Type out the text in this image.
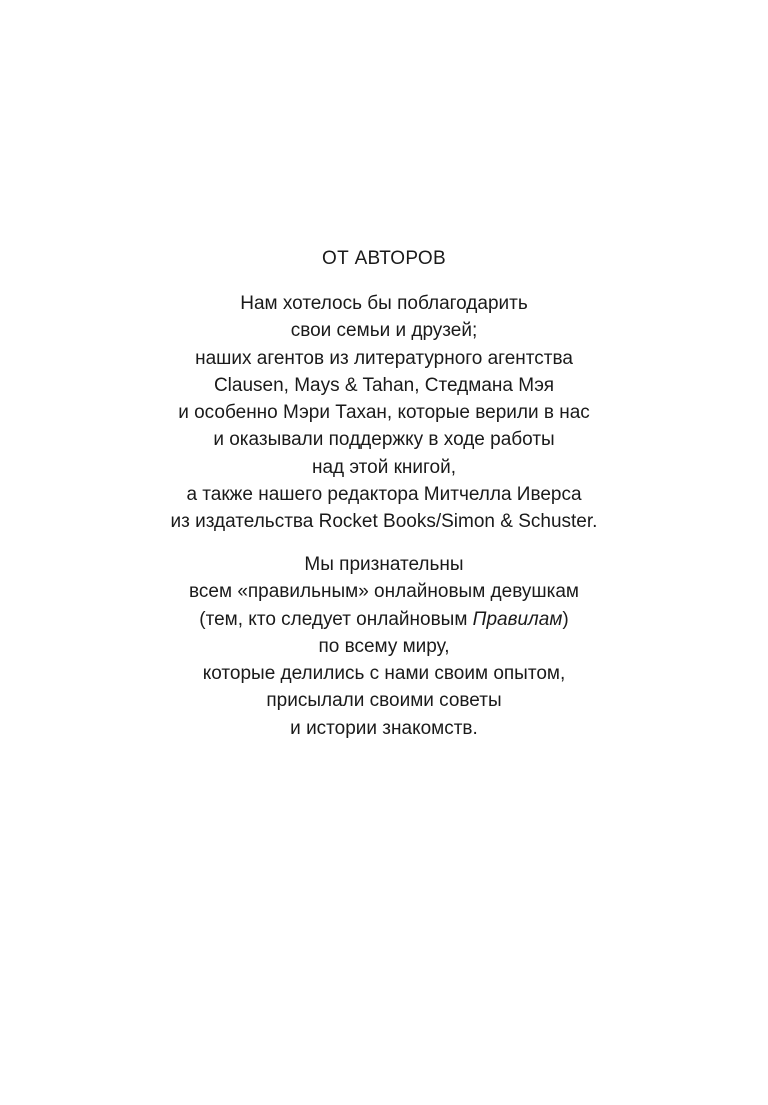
ОТ АВТОРОВ
Нам хотелось бы поблагодарить
свои семьи и друзей;
наших агентов из литературного агентства
Clausen, Mays & Tahan, Стедмана Мэя
и особенно Мэри Тахан, которые верили в нас
и оказывали поддержку в ходе работы
над этой книгой,
а также нашего редактора Митчелла Иверса
из издательства Rocket Books/Simon & Schuster.
Мы признательны
всем «правильным» онлайновым девушкам
(тем, кто следует онлайновым Правилам)
по всему миру,
которые делились с нами своим опытом,
присылали своими советы
и истории знакомств.
